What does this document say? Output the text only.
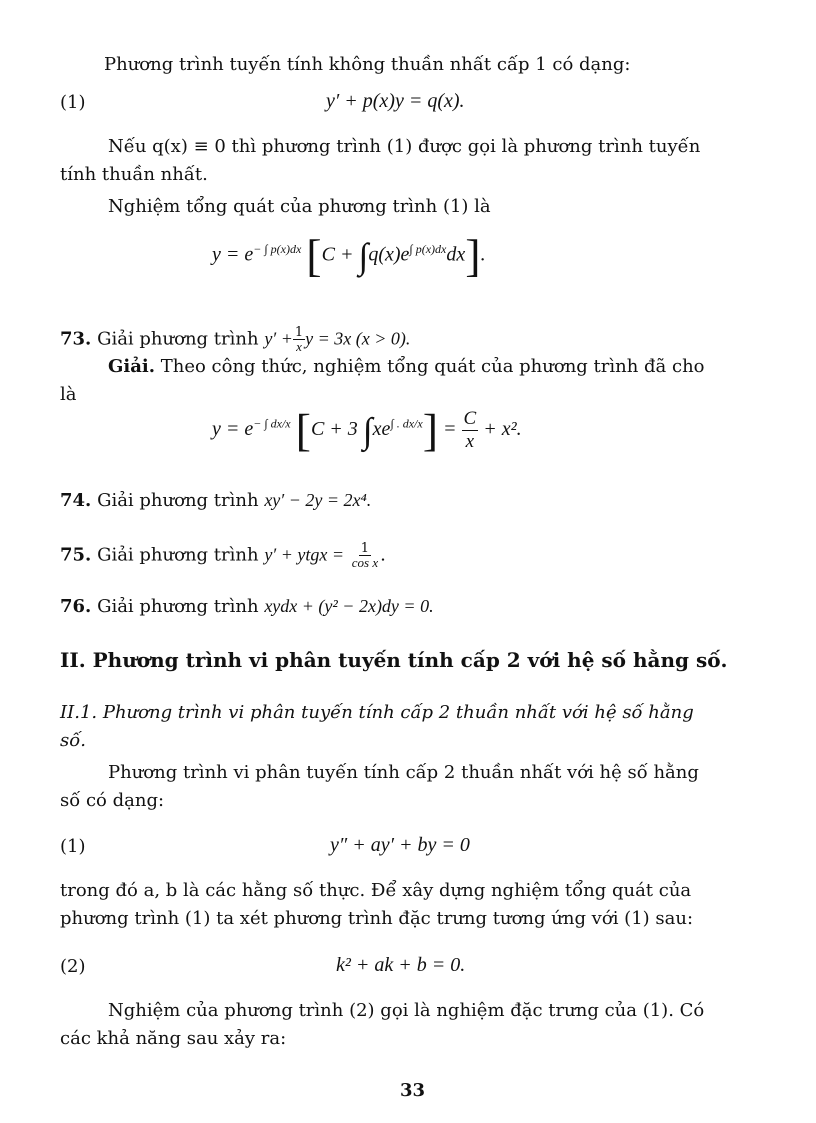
Phương trình tuyến tính không thuần nhất cấp 1 có dạng:
(1)	y′ + p(x)y = q(x).
Nếu q(x) ≡ 0 thì phương trình (1) được gọi là phương trình tuyến
tính thuần nhất.
Nghiệm tổng quát của phương trình (1) là
$y = e^{- \int p(x)dx}$ $[C + \int q(x)e^{\int p(x)dx}dx]$.
73. Giải phương trình $y' + \frac{1}{x}$ y = 3x (x > 0).
Giải. Theo công thức, nghiệm tổng quát của phương trình đã cho
là
$y = e^{- \int dx/x}$ [C + 3 $\int xe^{\int . dx/x}] = \frac{C}{x} + x^2$.
74. Giải phương trình xy′ − 2y = 2x⁴.
75. Giải phương trình y′ + ytgx = $\frac{1}{\text{cos x}}$ .
76. Giải phương trình xydx + (y² − 2x)dy = 0.
II. Phương trình vi phân tuyến tính cấp 2 với hệ số hằng số.
II.1. Phương trình vi phân tuyến tính cấp 2 thuần nhất với hệ số hằng
số.
Phương trình vi phân tuyến tính cấp 2 thuần nhất với hệ số hằng
số có dạng:
(1)	y″ + ay′ + by = 0
trong đó a, b là các hằng số thực. Để xây dựng nghiệm tổng quát của
phương trình (1) ta xét phương trình đặc trưng tương ứng với (1) sau:
(2)	k² + ak + b = 0.
Nghiệm của phương trình (2) gọi là nghiệm đặc trưng của (1). Có
các khả năng sau xảy ra:
33
